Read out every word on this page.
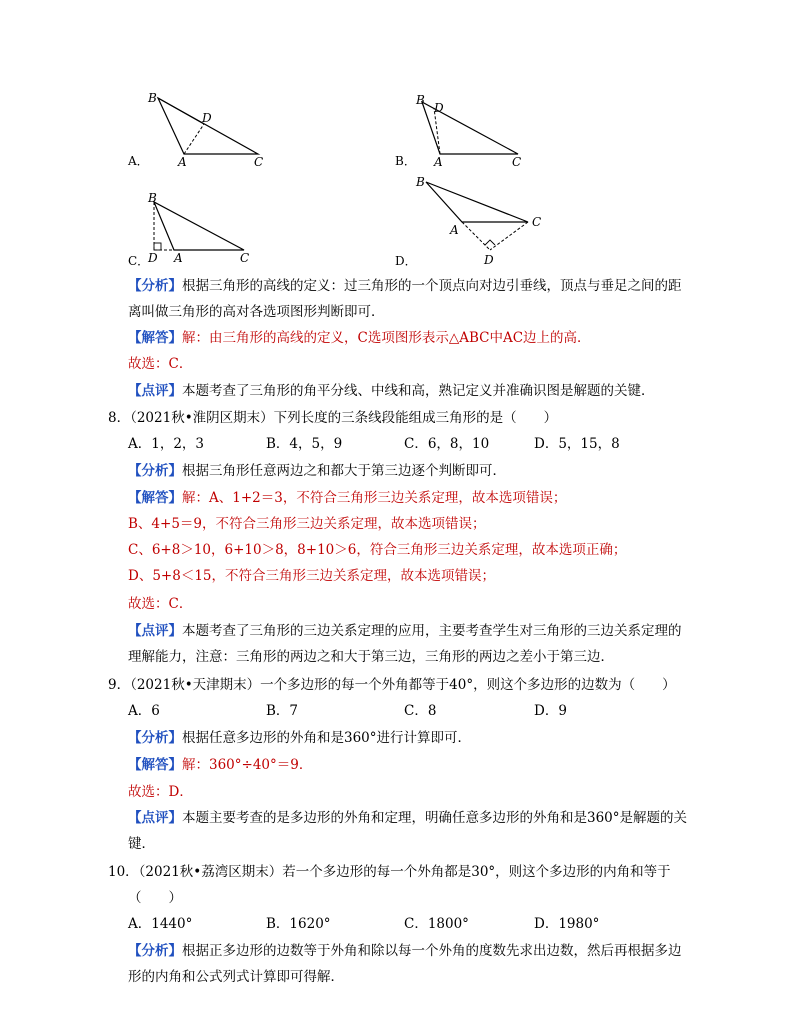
A．
B
D
A	C	B．
B
D
A	C
C．
B
D A	C	D．
B
A
C
D
【分析】根据三角形的高线的定义：过三角形的一个顶点向对边引垂线，顶点与垂足之间的距
离叫做三角形的高对各选项图形判断即可．
【解答】解：由三角形的高线的定义，C选项图形表示△ABC中AC边上的高．
故选：C．
【点评】本题考查了三角形的角平分线、中线和高，熟记定义并准确识图是解题的关键．
8．（2021秋•淮阴区期末）下列长度的三条线段能组成三角形的是（　　）
A．1，2，3	B．4，5，9	C．6，8，10	D．5，15，8
【分析】根据三角形任意两边之和都大于第三边逐个判断即可．
【解答】解：A、1+2＝3，不符合三角形三边关系定理，故本选项错误；
B、4+5＝9，不符合三角形三边关系定理，故本选项错误；
C、6+8＞10，6+10＞8，8+10＞6，符合三角形三边关系定理，故本选项正确；
D、5+8＜15，不符合三角形三边关系定理，故本选项错误；
故选：C．
【点评】本题考查了三角形的三边关系定理的应用，主要考查学生对三角形的三边关系定理的
理解能力，注意：三角形的两边之和大于第三边，三角形的两边之差小于第三边．
9．（2021秋•天津期末）一个多边形的每一个外角都等于40°，则这个多边形的边数为（　　）
A．6	B．7	C．8	D．9
【分析】根据任意多边形的外角和是360°进行计算即可．
【解答】解：360°÷40°＝9．
故选：D．
【点评】本题主要考查的是多边形的外角和定理，明确任意多边形的外角和是360°是解题的关
键．
10．（2021秋•荔湾区期末）若一个多边形的每一个外角都是30°，则这个多边形的内角和等于
（　　）
A．1440°	B．1620°	C．1800°	D．1980°
【分析】根据正多边形的边数等于外角和除以每一个外角的度数先求出边数，然后再根据多边
形的内角和公式列式计算即可得解．
